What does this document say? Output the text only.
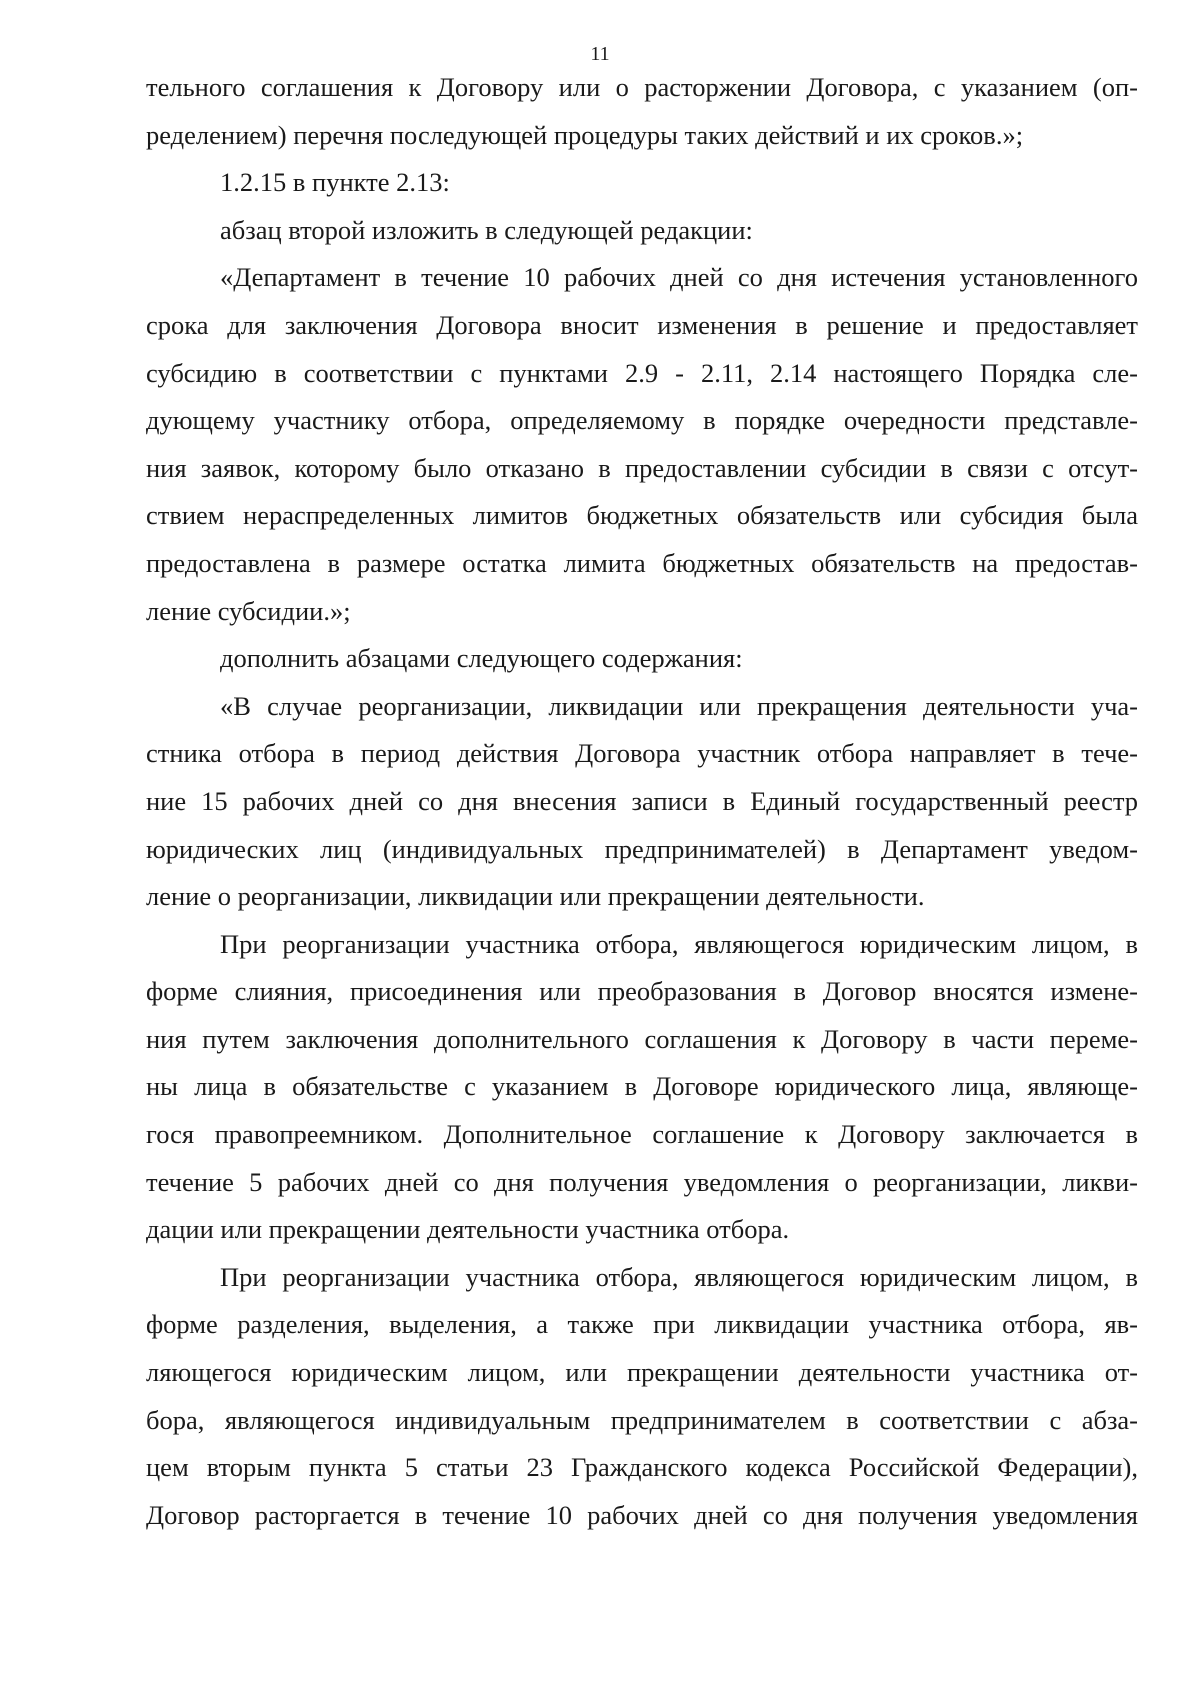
11
тельного соглашения к Договору или о расторжении Договора, с указанием (оп-
ределением) перечня последующей процедуры таких действий и их сроков.»;
1.2.15 в пункте 2.13:
абзац второй изложить в следующей редакции:
«Департамент в течение 10 рабочих дней со дня истечения установленного
срока для заключения Договора вносит изменения в решение и предоставляет
субсидию в соответствии с пунктами 2.9 - 2.11, 2.14 настоящего Порядка сле-
дующему участнику отбора, определяемому в порядке очередности представле-
ния заявок, которому было отказано в предоставлении субсидии в связи с отсут-
ствием нераспределенных лимитов бюджетных обязательств или субсидия была
предоставлена в размере остатка лимита бюджетных обязательств на предостав-
ление субсидии.»;
дополнить абзацами следующего содержания:
«В случае реорганизации, ликвидации или прекращения деятельности уча-
стника отбора в период действия Договора участник отбора направляет в тече-
ние 15 рабочих дней со дня внесения записи в Единый государственный реестр
юридических лиц (индивидуальных предпринимателей) в Департамент уведом-
ление о реорганизации, ликвидации или прекращении деятельности.
При реорганизации участника отбора, являющегося юридическим лицом, в
форме слияния, присоединения или преобразования в Договор вносятся измене-
ния путем заключения дополнительного соглашения к Договору в части переме-
ны лица в обязательстве с указанием в Договоре юридического лица, являюще-
гося правопреемником. Дополнительное соглашение к Договору заключается в
течение 5 рабочих дней со дня получения уведомления о реорганизации, ликви-
дации или прекращении деятельности участника отбора.
При реорганизации участника отбора, являющегося юридическим лицом, в
форме разделения, выделения, а также при ликвидации участника отбора, яв-
ляющегося юридическим лицом, или прекращении деятельности участника от-
бора, являющегося индивидуальным предпринимателем в соответствии с абза-
цем вторым пункта 5 статьи 23 Гражданского кодекса Российской Федерации),
Договор расторгается в течение 10 рабочих дней со дня получения уведомления
